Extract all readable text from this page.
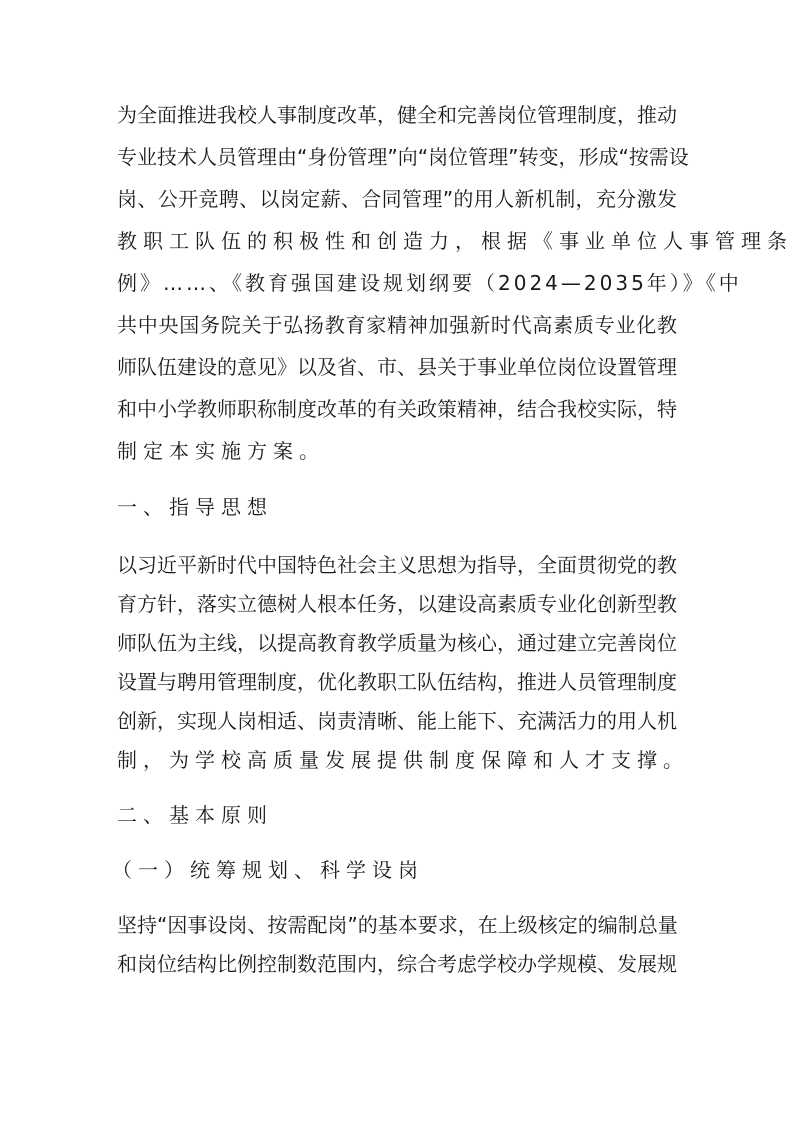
为全面推进我校人事制度改革，健全和完善岗位管理制度，推动
专业技术人员管理由“身份管理”向“岗位管理”转变，形成“按需设
岗、公开竞聘、以岗定薪、合同管理”的用人新机制，充分激发
教职工队伍的积极性和创造力，根据《事业单位人事管理条
例》……、《教育强国建设规划纲要（2024—2035年）》《中
共中央国务院关于弘扬教育家精神加强新时代高素质专业化教
师队伍建设的意见》以及省、市、县关于事业单位岗位设置管理
和中小学教师职称制度改革的有关政策精神，结合我校实际，特
制定本实施方案。
一、指导思想
以习近平新时代中国特色社会主义思想为指导，全面贯彻党的教
育方针，落实立德树人根本任务，以建设高素质专业化创新型教
师队伍为主线，以提高教育教学质量为核心，通过建立完善岗位
设置与聘用管理制度，优化教职工队伍结构，推进人员管理制度
创新，实现人岗相适、岗责清晰、能上能下、充满活力的用人机
制，为学校高质量发展提供制度保障和人才支撑。
二、基本原则
（一）统筹规划、科学设岗
坚持“因事设岗、按需配岗”的基本要求，在上级核定的编制总量
和岗位结构比例控制数范围内，综合考虑学校办学规模、发展规
